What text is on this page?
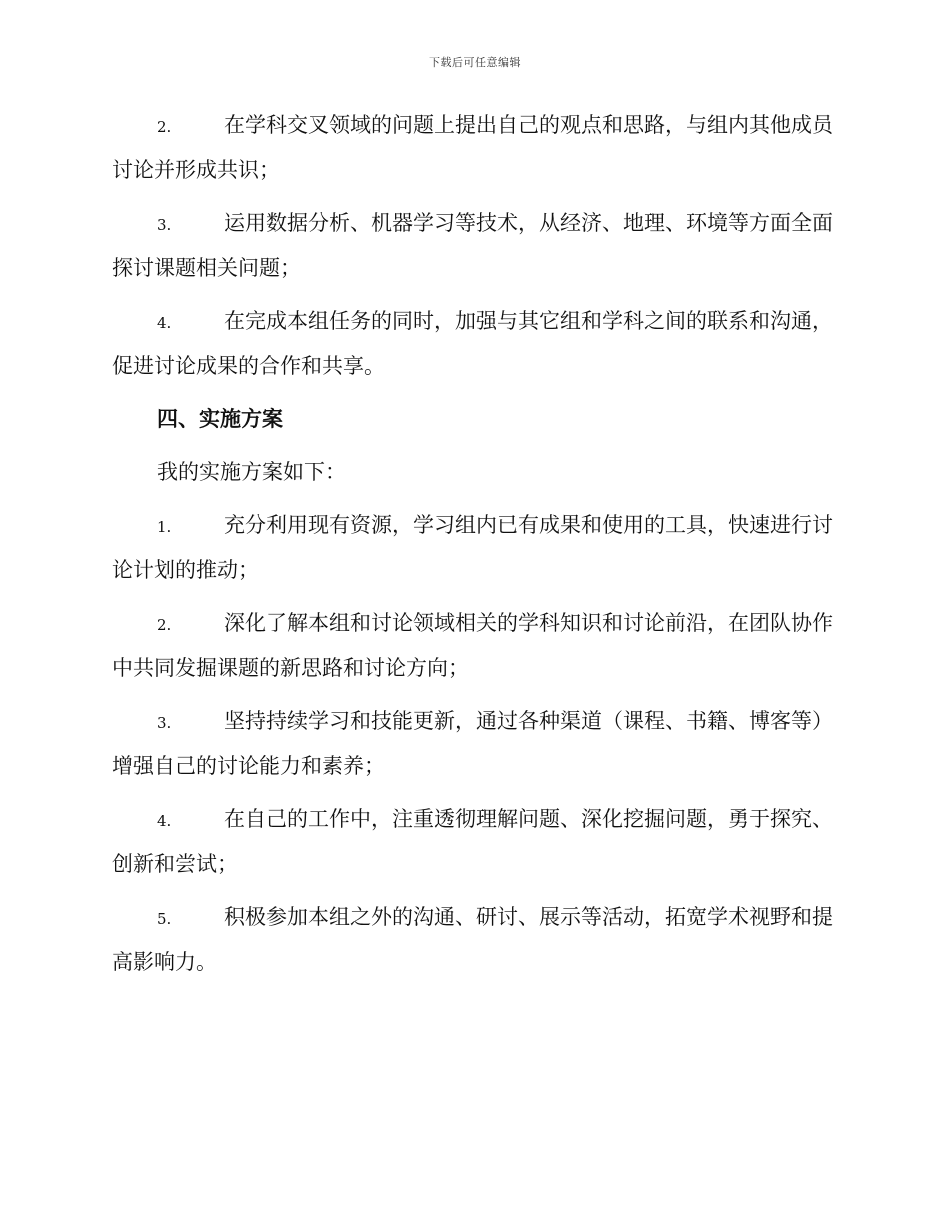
下载后可任意编辑
2.	在学科交叉领域的问题上提出自己的观点和思路，与组内其他成员讨论并形成共识；
3.	运用数据分析、机器学习等技术，从经济、地理、环境等方面全面探讨课题相关问题；
4.	在完成本组任务的同时，加强与其它组和学科之间的联系和沟通，促进讨论成果的合作和共享。
四、实施方案
我的实施方案如下：
1.	充分利用现有资源，学习组内已有成果和使用的工具，快速进行讨论计划的推动；
2.	深化了解本组和讨论领域相关的学科知识和讨论前沿，在团队协作中共同发掘课题的新思路和讨论方向；
3.	坚持持续学习和技能更新，通过各种渠道（课程、书籍、博客等）增强自己的讨论能力和素养；
4.	在自己的工作中，注重透彻理解问题、深化挖掘问题，勇于探究、创新和尝试；
5.	积极参加本组之外的沟通、研讨、展示等活动，拓宽学术视野和提高影响力。
